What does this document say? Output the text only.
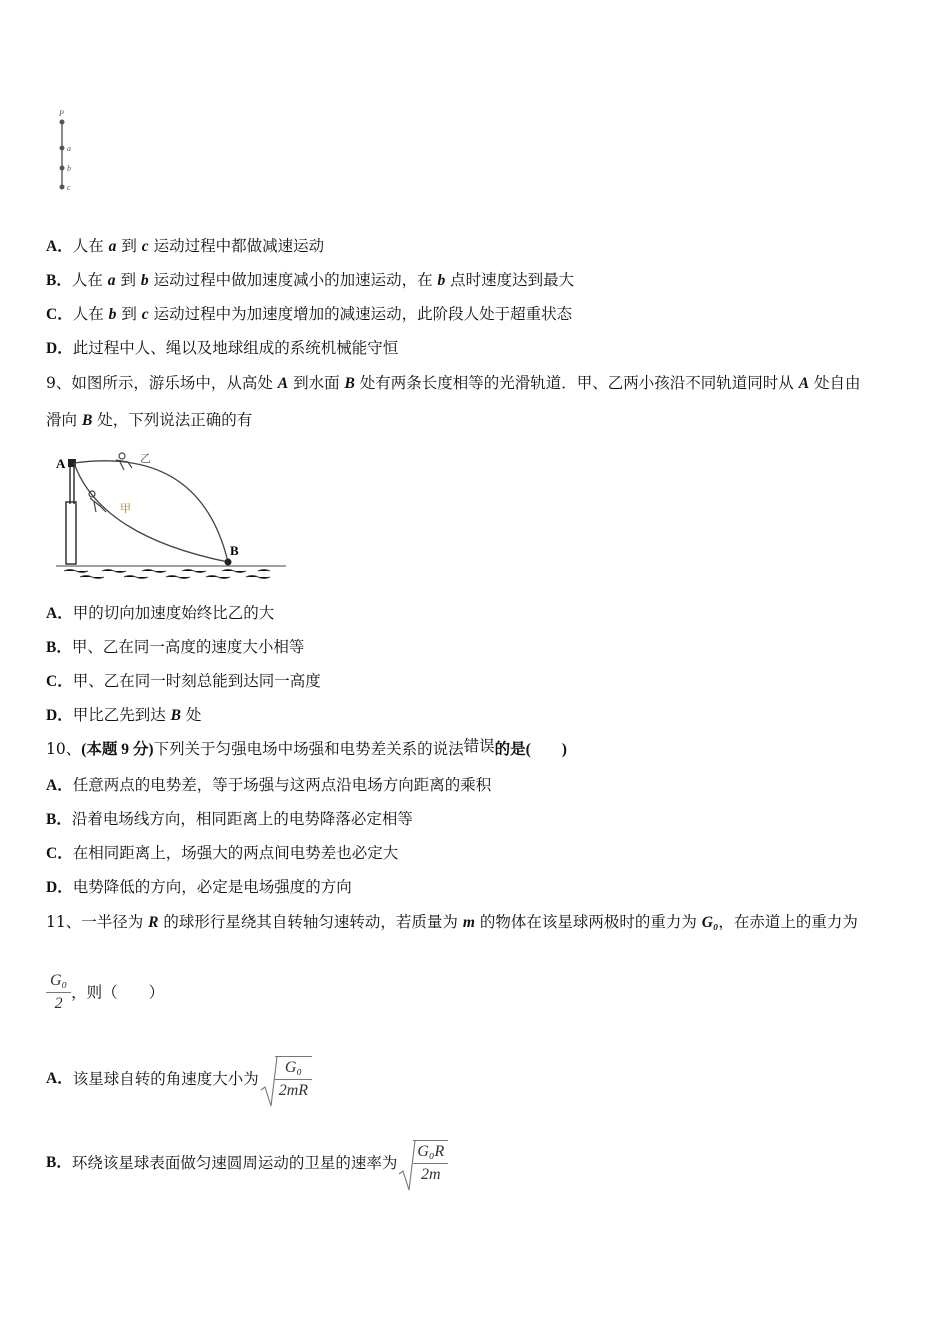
P
a
b
c
A．人在 a 到 c 运动过程中都做减速运动
B．人在 a 到 b 运动过程中做加速度减小的加速运动，在 b 点时速度达到最大
C．人在 b 到 c 运动过程中为加速度增加的减速运动，此阶段人处于超重状态
D．此过程中人、绳以及地球组成的系统机械能守恒
9、如图所示，游乐场中，从高处 A 到水面 B 处有两条长度相等的光滑轨道．甲、乙两小孩沿不同轨道同时从 A 处自由
滑向 B 处，下列说法正确的有
A
B
乙
甲
A．甲的切向加速度始终比乙的大
B．甲、乙在同一高度的速度大小相等
C．甲、乙在同一时刻总能到达同一高度
D．甲比乙先到达 B 处
10、(本题 9 分)下列关于匀强电场中场强和电势差关系的说法错误的是(　　)
A．任意两点的电势差，等于场强与这两点沿电场方向距离的乘积
B．沿着电场线方向，相同距离上的电势降落必定相等
C．在相同距离上，场强大的两点间电势差也必定大
D．电势降低的方向，必定是电场强度的方向
11、一半径为 R 的球形行星绕其自转轴匀速转动，若质量为 m 的物体在该星球两极时的重力为 G₀，在赤道上的重力为
$\frac{\text{G₀}}{2}$ ，则（　　）
A．该星球自转的角速度大小为 $\frac{\text{G₀}}{2mR}$
B．环绕该星球表面做匀速圆周运动的卫星的速率为 $\frac{\text{G₀R}}{2m}$
